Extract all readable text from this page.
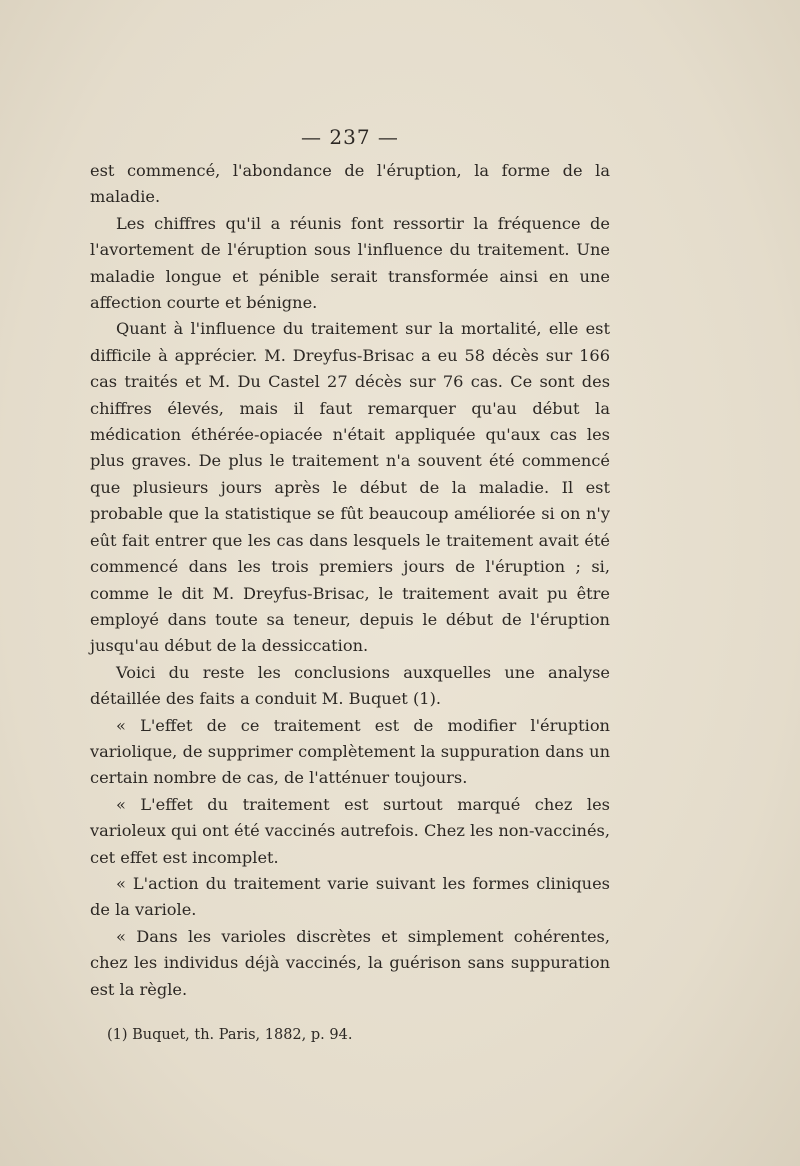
— 237 —

est commencé, l'abondance de l'éruption, la forme de la maladie.

Les chiffres qu'il a réunis font ressortir la fréquence de l'avortement de l'éruption sous l'influence du traitement. Une maladie longue et pénible serait transformée ainsi en une affection courte et bénigne.

Quant à l'influence du traitement sur la mortalité, elle est difficile à apprécier. M. Dreyfus-Brisac a eu 58 décès sur 166 cas traités et M. Du Castel 27 décès sur 76 cas. Ce sont des chiffres élevés, mais il faut remarquer qu'au début la médication éthérée-opiacée n'était appliquée qu'aux cas les plus graves. De plus le traitement n'a souvent été commencé que plusieurs jours après le début de la maladie. Il est probable que la statistique se fût beaucoup améliorée si on n'y eût fait entrer que les cas dans lesquels le traitement avait été commencé dans les trois premiers jours de l'éruption ; si, comme le dit M. Dreyfus-Brisac, le traitement avait pu être employé dans toute sa teneur, depuis le début de l'éruption jusqu'au début de la dessiccation.

Voici du reste les conclusions auxquelles une analyse détaillée des faits a conduit M. Buquet (1).

« L'effet de ce traitement est de modifier l'éruption variolique, de supprimer complètement la suppuration dans un certain nombre de cas, de l'atténuer toujours.

« L'effet du traitement est surtout marqué chez les varioleux qui ont été vaccinés autrefois. Chez les non-vaccinés, cet effet est incomplet.

« L'action du traitement varie suivant les formes cliniques de la variole.

« Dans les varioles discrètes et simplement cohérentes, chez les individus déjà vaccinés, la guérison sans suppuration est la règle.

(1) Buquet, th. Paris, 1882, p. 94.
